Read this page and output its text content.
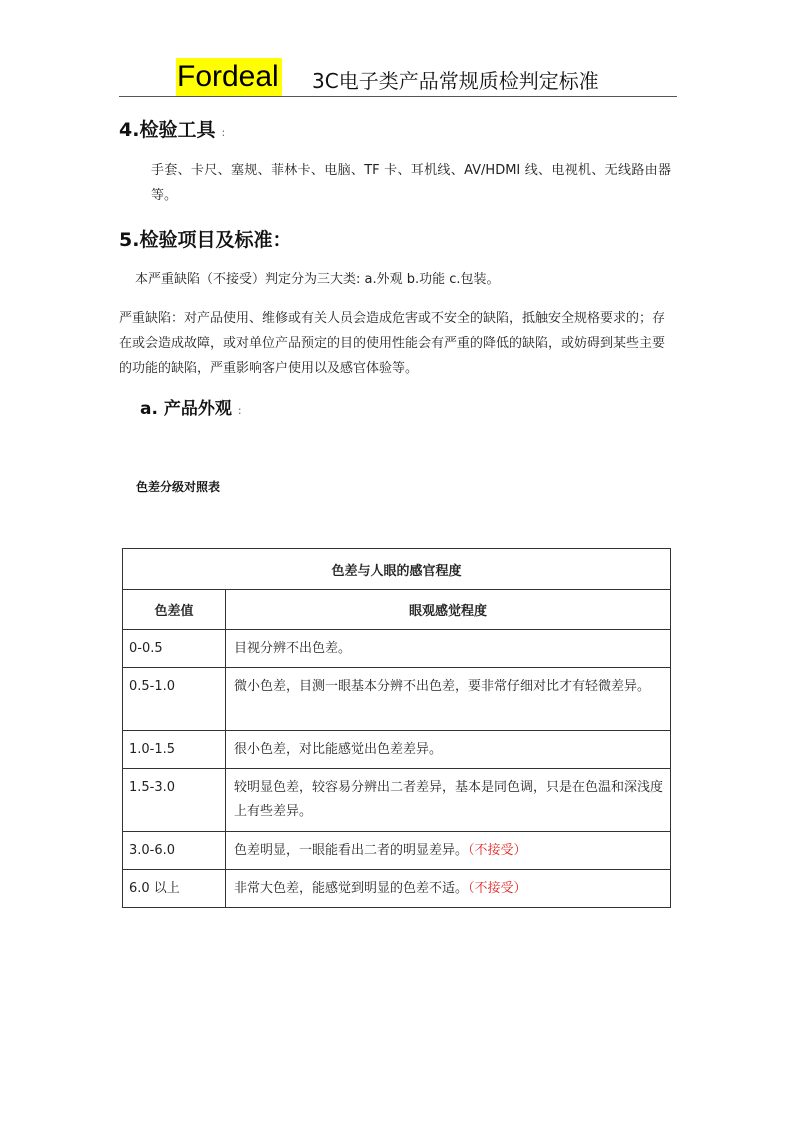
Fordeal 3C电子类产品常规质检判定标准
4.检验工具 :
手套、卡尺、塞规、菲林卡、电脑、TF 卡、耳机线、AV/HDMI 线、电视机、无线路由器等。
5.检验项目及标准：
本严重缺陷（不接受）判定分为三大类: a.外观 b.功能 c.包装。
严重缺陷：对产品使用、维修或有关人员会造成危害或不安全的缺陷，抵触安全规格要求的；存在或会造成故障，或对单位产品预定的目的使用性能会有严重的降低的缺陷，或妨碍到某些主要的功能的缺陷，严重影响客户使用以及感官体验等。
a. 产品外观 :
色差分级对照表
色差与人眼的感官程度	
色差值	眼观感觉程度
0-0.5	目视分辨不出色差。
0.5-1.0	微小色差，目测一眼基本分辨不出色差，要非常仔细对比才有轻微差异。
1.0-1.5	很小色差，对比能感觉出色差差异。
1.5-3.0	较明显色差，较容易分辨出二者差异，基本是同色调，只是在色温和深浅度上有些差异。
3.0-6.0	色差明显，一眼能看出二者的明显差异。（不接受）
6.0 以上	非常大色差，能感觉到明显的色差不适。（不接受）
